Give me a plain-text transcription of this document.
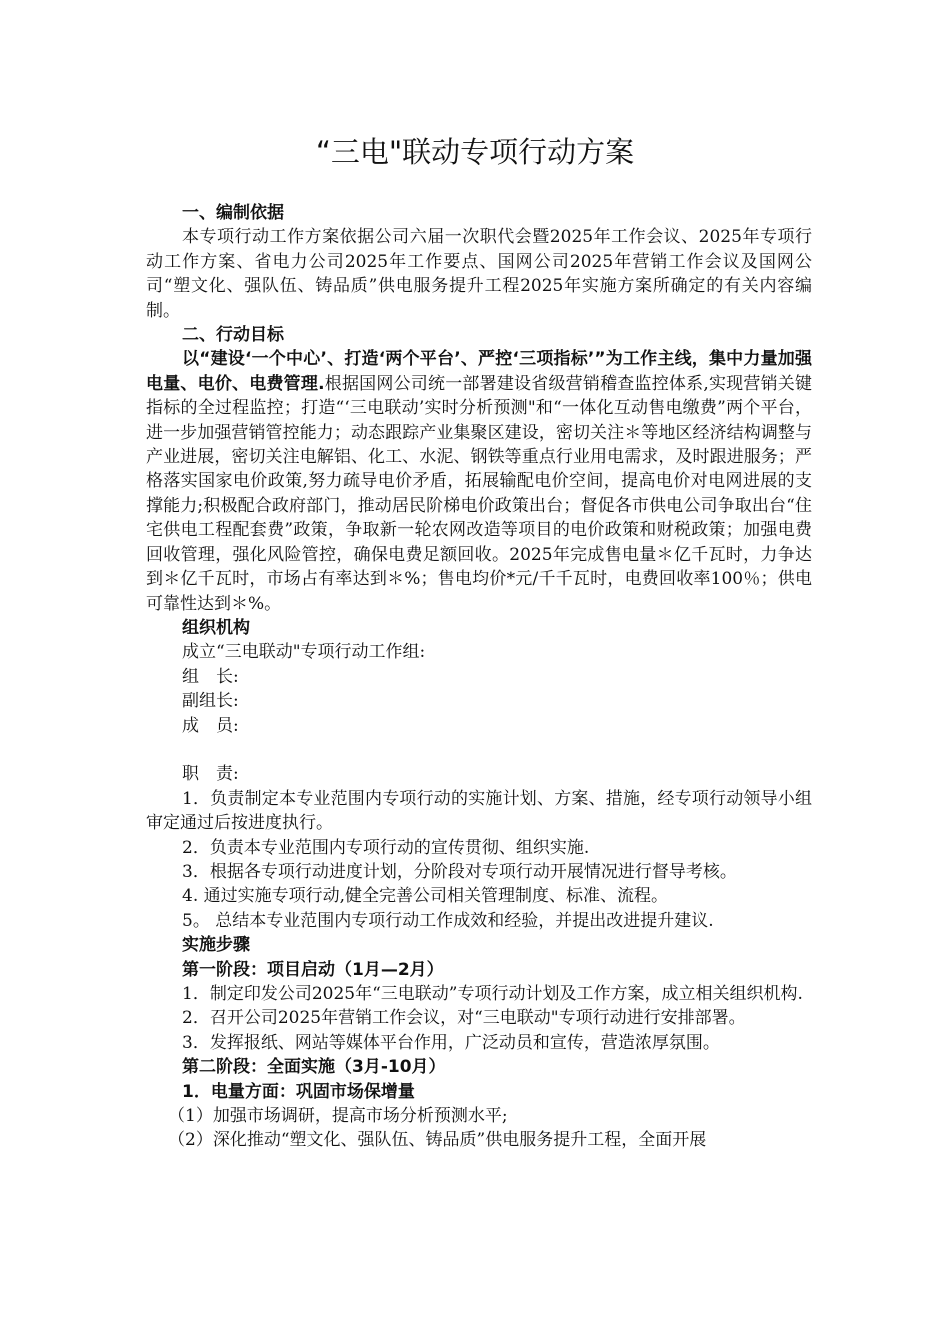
“三电"联动专项行动方案

一、编制依据

本专项行动工作方案依据公司六届一次职代会暨2025年工作会议、2025年专项行动工作方案、省电力公司2025年工作要点、国网公司2025年营销工作会议及国网公司“塑文化、强队伍、铸品质”供电服务提升工程2025年实施方案所确定的有关内容编制。

二、行动目标

以“建设‘一个中心’、打造‘两个平台’、严控‘三项指标’”为工作主线，集中力量加强电量、电价、电费管理.根据国网公司统一部署建设省级营销稽查监控体系,实现营销关键指标的全过程监控；打造“‘三电联动’实时分析预测"和“一体化互动售电缴费”两个平台，进一步加强营销管控能力；动态跟踪产业集聚区建设，密切关注＊等地区经济结构调整与产业进展，密切关注电解铝、化工、水泥、钢铁等重点行业用电需求，及时跟进服务；严格落实国家电价政策,努力疏导电价矛盾，拓展输配电价空间，提高电价对电网进展的支撑能力;积极配合政府部门，推动居民阶梯电价政策出台；督促各市供电公司争取出台“住宅供电工程配套费”政策，争取新一轮农网改造等项目的电价政策和财税政策；加强电费回收管理，强化风险管控，确保电费足额回收。2025年完成售电量＊亿千瓦时，力争达到＊亿千瓦时，市场占有率达到＊%；售电均价*元/千千瓦时，电费回收率100％；供电可靠性达到＊%。

组织机构

成立“三电联动"专项行动工作组:

组　长:

副组长:

成　员:

职　责:

1．负责制定本专业范围内专项行动的实施计划、方案、措施，经专项行动领导小组审定通过后按进度执行。

2．负责本专业范围内专项行动的宣传贯彻、组织实施.

3．根据各专项行动进度计划，分阶段对专项行动开展情况进行督导考核。

4. 通过实施专项行动,健全完善公司相关管理制度、标准、流程。

5。 总结本专业范围内专项行动工作成效和经验，并提出改进提升建议.

实施步骤

第一阶段：项目启动（1月—2月）

1．制定印发公司2025年“三电联动”专项行动计划及工作方案，成立相关组织机构.

2．召开公司2025年营销工作会议，对“三电联动"专项行动进行安排部署。

3．发挥报纸、网站等媒体平台作用，广泛动员和宣传，营造浓厚氛围。

第二阶段：全面实施（3月-10月）

1．电量方面：巩固市场保增量

（1）加强市场调研，提高市场分析预测水平;

（2）深化推动“塑文化、强队伍、铸品质”供电服务提升工程，全面开展
